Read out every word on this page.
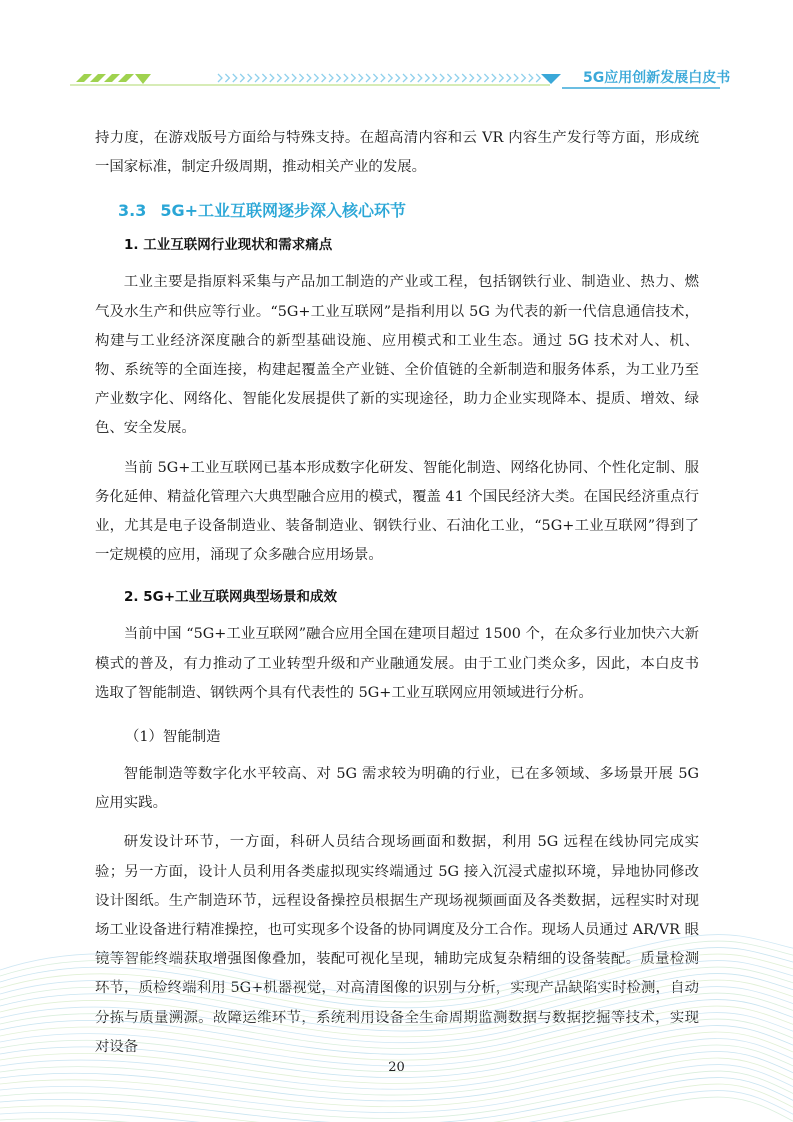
5G应用创新发展白皮书

持力度，在游戏版号方面给与特殊支持。在超高清内容和云 VR 内容生产发行等方面，形成统一国家标准，制定升级周期，推动相关产业的发展。

3.3 5G+工业互联网逐步深入核心环节
1. 工业互联网行业现状和需求痛点

工业主要是指原料采集与产品加工制造的产业或工程，包括钢铁行业、制造业、热力、燃气及水生产和供应等行业。“5G+工业互联网”是指利用以 5G 为代表的新一代信息通信技术，构建与工业经济深度融合的新型基础设施、应用模式和工业生态。通过 5G 技术对人、机、物、系统等的全面连接，构建起覆盖全产业链、全价值链的全新制造和服务体系，为工业乃至产业数字化、网络化、智能化发展提供了新的实现途径，助力企业实现降本、提质、增效、绿色、安全发展。

当前 5G+工业互联网已基本形成数字化研发、智能化制造、网络化协同、个性化定制、服务化延伸、精益化管理六大典型融合应用的模式，覆盖 41 个国民经济大类。在国民经济重点行业，尤其是电子设备制造业、装备制造业、钢铁行业、石油化工业，“5G+工业互联网”得到了一定规模的应用，涌现了众多融合应用场景。

2. 5G+工业互联网典型场景和成效

当前中国 “5G+工业互联网”融合应用全国在建项目超过 1500 个，在众多行业加快六大新模式的普及，有力推动了工业转型升级和产业融通发展。由于工业门类众多，因此，本白皮书选取了智能制造、钢铁两个具有代表性的 5G+工业互联网应用领域进行分析。

（1）智能制造

智能制造等数字化水平较高、对 5G 需求较为明确的行业，已在多领域、多场景开展 5G 应用实践。

研发设计环节，一方面，科研人员结合现场画面和数据，利用 5G 远程在线协同完成实验；另一方面，设计人员利用各类虚拟现实终端通过 5G 接入沉浸式虚拟环境，异地协同修改设计图纸。生产制造环节，远程设备操控员根据生产现场视频画面及各类数据，远程实时对现场工业设备进行精准操控，也可实现多个设备的协同调度及分工合作。现场人员通过 AR/VR 眼镜等智能终端获取增强图像叠加，装配可视化呈现，辅助完成复杂精细的设备装配。质量检测环节，质检终端利用 5G+机器视觉，对高清图像的识别与分析，实现产品缺陷实时检测，自动分拣与质量溯源。故障运维环节，系统利用设备全生命周期监测数据与数据挖掘等技术，实现对设备

20
